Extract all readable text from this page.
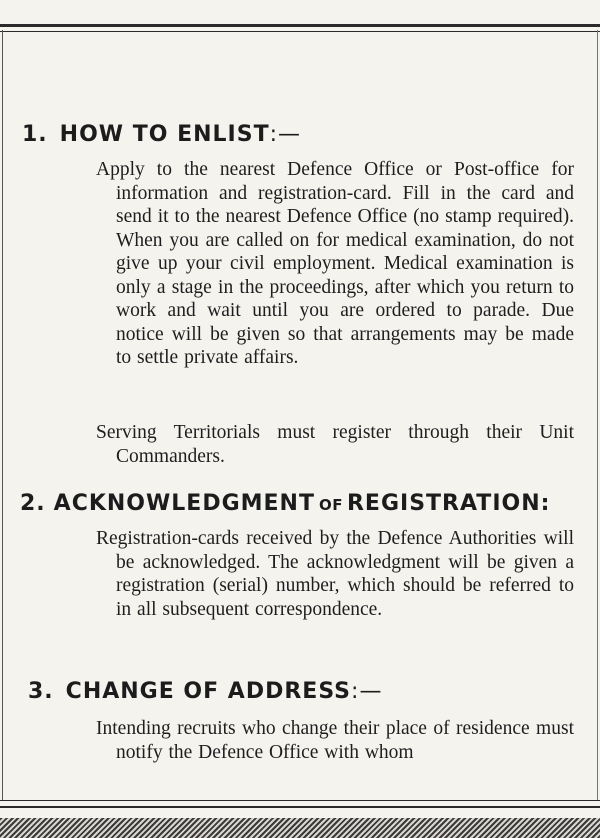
1. HOW TO ENLIST:—

Apply to the nearest Defence Office or Post-office for information and registration-card. Fill in the card and send it to the nearest Defence Office (no stamp required). When you are called on for medical examination, do not give up your civil employment. Medical examination is only a stage in the proceedings, after which you return to work and wait until you are ordered to parade. Due notice will be given so that arrangements may be made to settle private affairs.

Serving Territorials must register through their Unit Commanders.

2. ACKNOWLEDGMENT OF REGISTRATION:

Registration-cards received by the Defence Authorities will be acknowledged. The acknowledgment will be given a registration (serial) number, which should be referred to in all subsequent correspondence.

3. CHANGE OF ADDRESS:—

Intending recruits who change their place of residence must notify the Defence Office with whom
